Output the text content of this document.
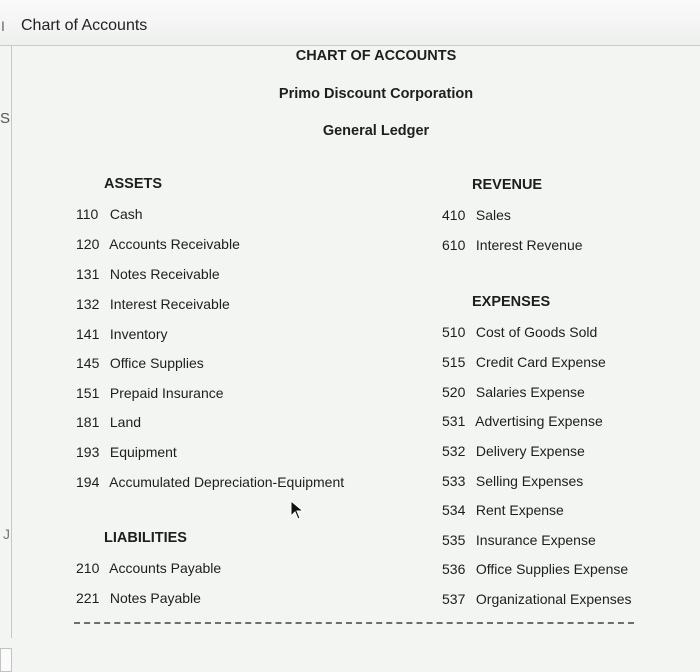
I Chart of Accounts
S
J
CHART OF ACCOUNTS
Primo Discount Corporation
General Ledger
ASSETS	REVENUE
EXPENSES
LIABILITIES
110 Cash
120 Accounts Receivable
131 Notes Receivable
132 Interest Receivable
141 Inventory
145 Office Supplies
151 Prepaid Insurance
181 Land
193 Equipment
194 Accumulated Depreciation-Equipment
210 Accounts Payable
221 Notes Payable
410 Sales
610 Interest Revenue
510 Cost of Goods Sold
515 Credit Card Expense
520 Salaries Expense
531 Advertising Expense
532 Delivery Expense
533 Selling Expenses
534 Rent Expense
535 Insurance Expense
536 Office Supplies Expense
537 Organizational Expenses
